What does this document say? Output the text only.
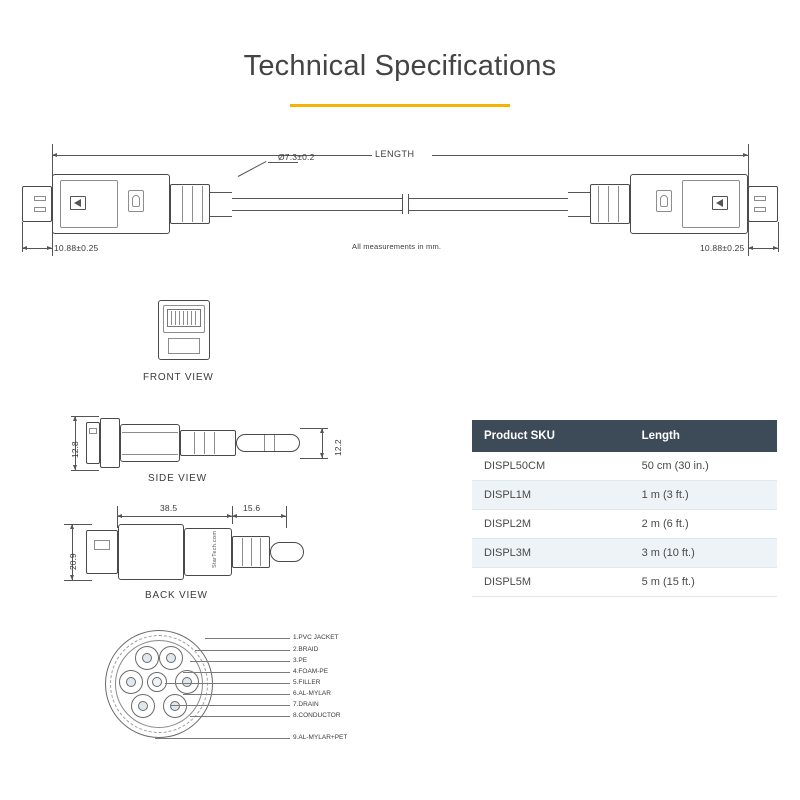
Technical Specifications
LENGTH
Ø7.3±0.2
10.88±0.25	10.88±0.25
All measurements in mm.
FRONT VIEW
12.8	12.2
SIDE VIEW
38.5	15.6
20.9	StarTech.com
BACK VIEW
1.PVC JACKET
2.BRAID
3.PE
4.FOAM-PE
5.FILLER
6.AL-MYLAR
7.DRAIN
8.CONDUCTOR
9.AL-MYLAR+PET
Product SKU	Length
DISPL50CM	50 cm (30 in.)
DISPL1M	1 m (3 ft.)
DISPL2M	2 m (6 ft.)
DISPL3M	3 m (10 ft.)
DISPL5M	5 m (15 ft.)
